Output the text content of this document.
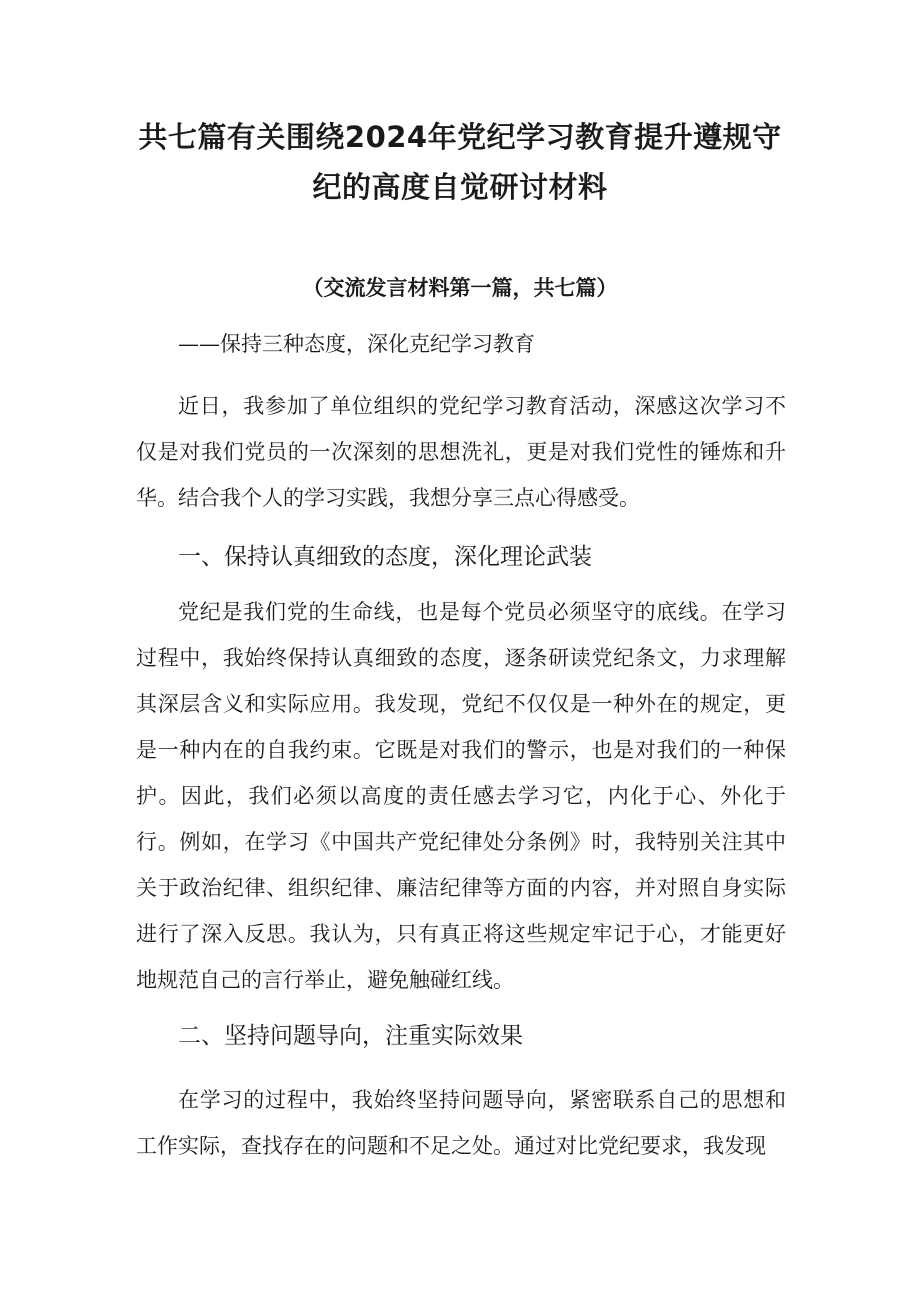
共七篇有关围绕2024年党纪学习教育提升遵规守
纪的高度自觉研讨材料
（交流发言材料第一篇，共七篇）
——保持三种态度，深化克纪学习教育

近日，我参加了单位组织的党纪学习教育活动，深感这次学习不仅是对我们党员的一次深刻的思想洗礼，更是对我们党性的锤炼和升华。结合我个人的学习实践，我想分享三点心得感受。

一、保持认真细致的态度，深化理论武装

党纪是我们党的生命线，也是每个党员必须坚守的底线。在学习过程中，我始终保持认真细致的态度，逐条研读党纪条文，力求理解其深层含义和实际应用。我发现，党纪不仅仅是一种外在的规定，更是一种内在的自我约束。它既是对我们的警示，也是对我们的一种保护。因此，我们必须以高度的责任感去学习它，内化于心、外化于行。例如，在学习《中国共产党纪律处分条例》时，我特别关注其中关于政治纪律、组织纪律、廉洁纪律等方面的内容，并对照自身实际进行了深入反思。我认为，只有真正将这些规定牢记于心，才能更好地规范自己的言行举止，避免触碰红线。

二、坚持问题导向，注重实际效果

在学习的过程中，我始终坚持问题导向，紧密联系自己的思想和工作实际，查找存在的问题和不足之处。通过对比党纪要求，我发现
